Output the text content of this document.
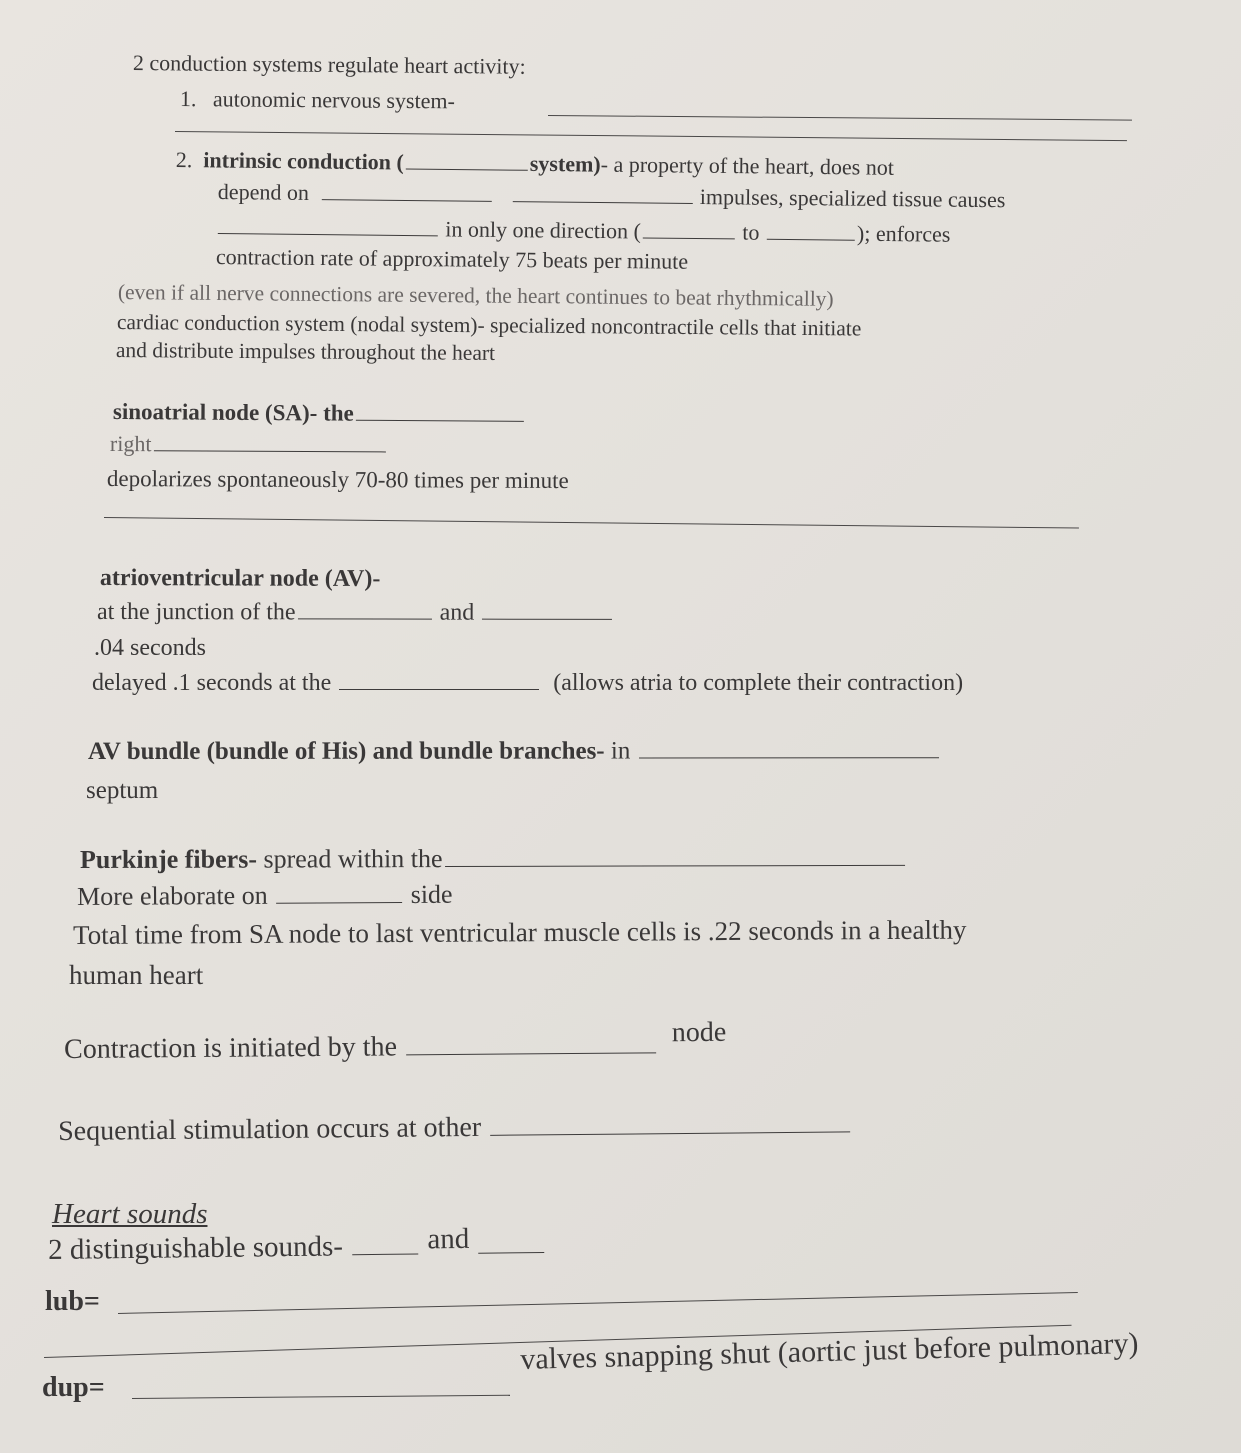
2 conduction systems regulate heart activity:
1. autonomic nervous system-
2. intrinsic conduction (	system)- a property of the heart, does not
depend on	impulses, specialized tissue causes
in only one direction (	to	); enforces
contraction rate of approximately 75 beats per minute
(even if all nerve connections are severed, the heart continues to beat rhythmically)
cardiac conduction system (nodal system)- specialized noncontractile cells that initiate
and distribute impulses throughout the heart
sinoatrial node (SA)- the
right
depolarizes spontaneously 70-80 times per minute
atrioventricular node (AV)-
at the junction of the	and
.04 seconds
delayed .1 seconds at the	(allows atria to complete their contraction)
AV bundle (bundle of His) and bundle branches- in
septum
Purkinje fibers- spread within the
More elaborate on	side
Total time from SA node to last ventricular muscle cells is .22 seconds in a healthy
human heart
Contraction is initiated by the	node
Sequential stimulation occurs at other
Heart sounds
2 distinguishable sounds-	and
lub=
dup=
valves snapping shut (aortic just before pulmonary)
